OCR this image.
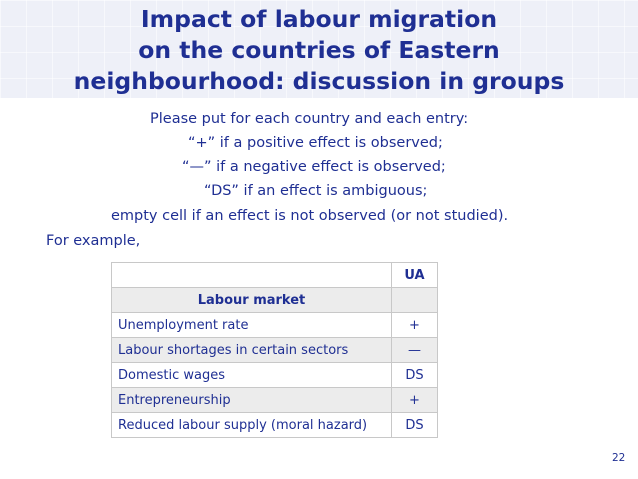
Impact of labour migration
on the countries of Eastern
neighbourhood: discussion in groups
Please put for each country and each entry:
“+” if a positive effect is observed;
“—” if a negative effect is observed;
“DS” if an effect is ambiguous;
empty cell if an effect is not observed (or not studied).
For example,
	UA
Labour market	
Unemployment rate	+
Labour shortages in certain sectors	—
Domestic wages	DS
Entrepreneurship	+
Reduced labour supply (moral hazard)	DS
22
